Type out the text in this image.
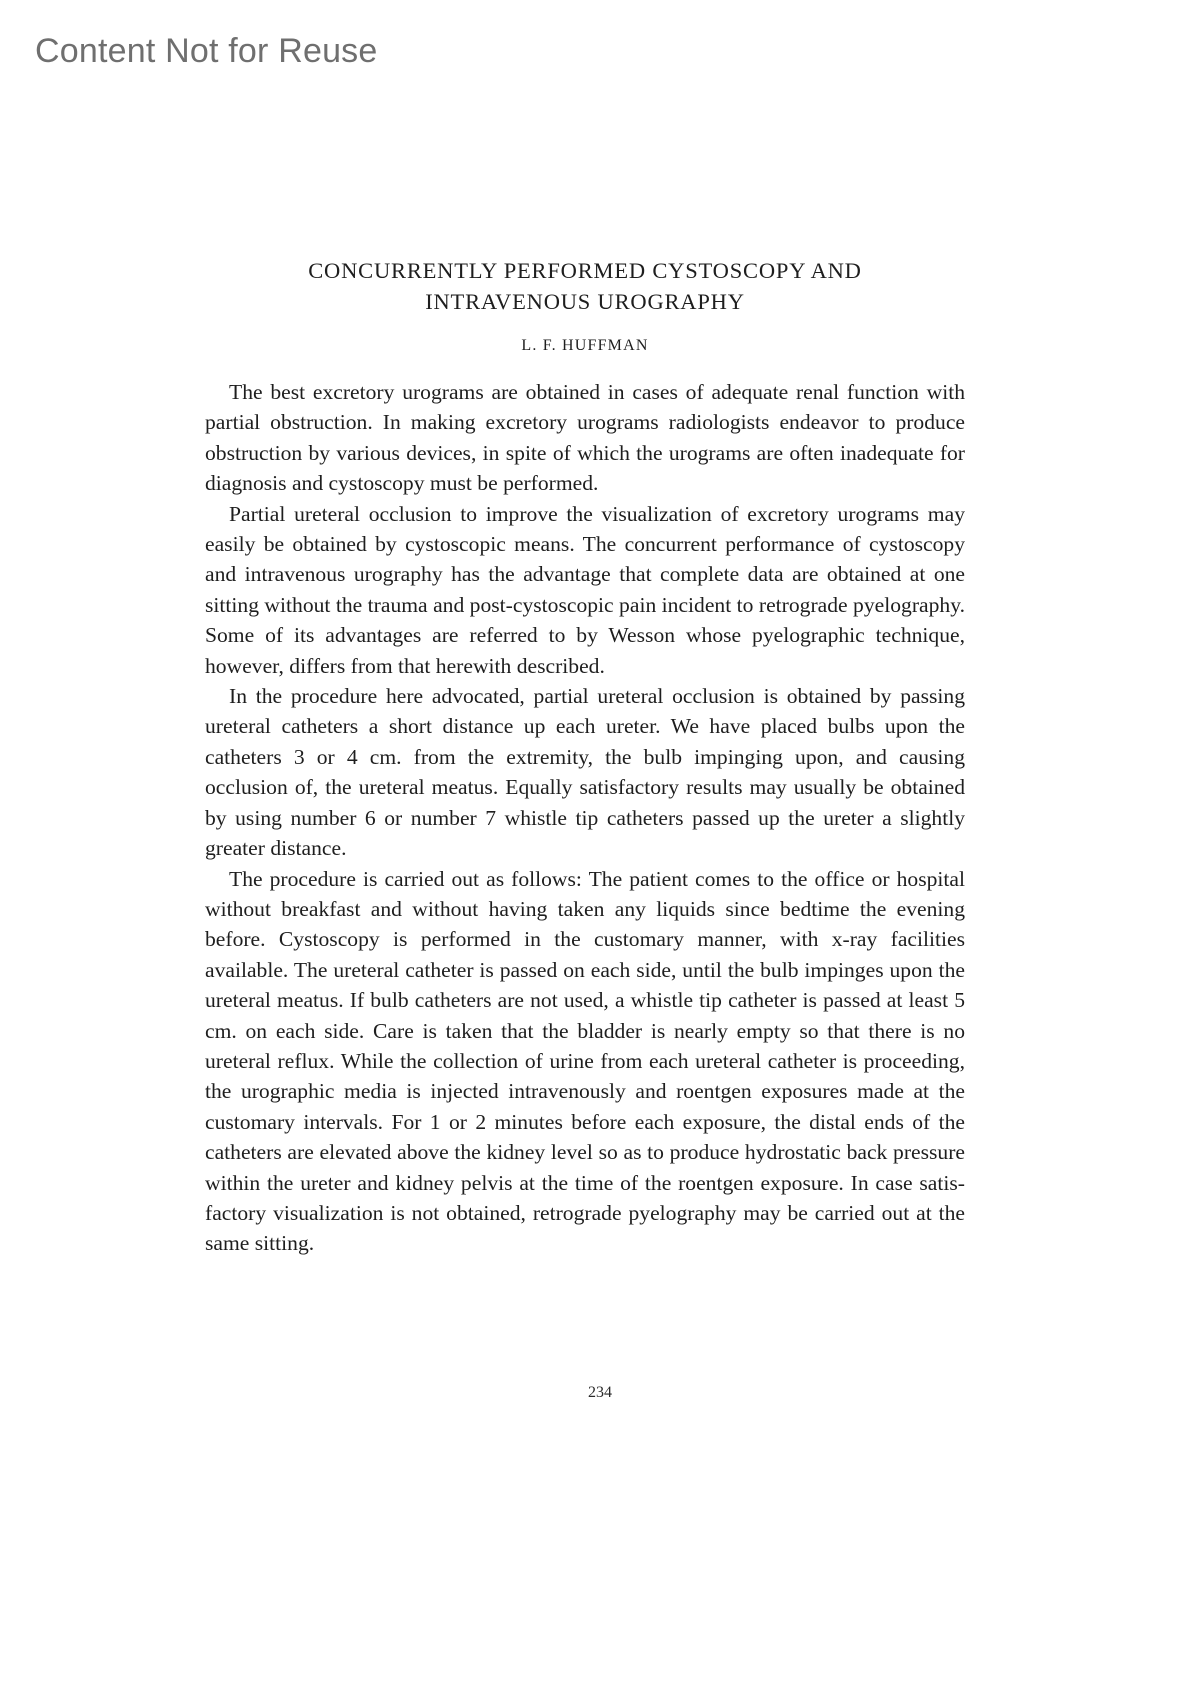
Content Not for Reuse
CONCURRENTLY PERFORMED CYSTOSCOPY AND
INTRAVENOUS UROGRAPHY

L. F. HUFFMAN

The best excretory urograms are obtained in cases of adequate renal function with partial obstruction. In making excretory urograms radiologists endeavor to produce obstruction by various devices, in spite of which the urograms are often inadequate for diagnosis and cystoscopy must be performed.

Partial ureteral occlusion to improve the visualization of excretory urograms may easily be obtained by cystoscopic means. The concurrent performance of cystoscopy and intravenous urography has the advantage that complete data are obtained at one sitting without the trauma and post-cystoscopic pain incident to retrograde pyelography. Some of its advantages are referred to by Wesson whose pyelographic technique, however, differs from that herewith described.

In the procedure here advocated, partial ureteral occlusion is obtained by passing ureteral catheters a short distance up each ureter. We have placed bulbs upon the catheters 3 or 4 cm. from the extremity, the bulb impinging upon, and causing occlusion of, the ureteral meatus. Equally satisfactory results may usually be obtained by using number 6 or number 7 whistle tip catheters passed up the ureter a slightly greater distance.

The procedure is carried out as follows: The patient comes to the office or hospital without breakfast and without having taken any liquids since bedtime the evening before. Cystoscopy is performed in the customary manner, with x-ray facilities available. The ureteral catheter is passed on each side, until the bulb impinges upon the ureteral meatus. If bulb catheters are not used, a whistle tip catheter is passed at least 5 cm. on each side. Care is taken that the bladder is nearly empty so that there is no ureteral reflux. While the collection of urine from each ureteral catheter is proceeding, the urographic media is injected intravenously and roentgen exposures made at the customary intervals. For 1 or 2 minutes before each exposure, the distal ends of the catheters are elevated above the kidney level so as to produce hydrostatic back pressure within the ureter and kidney pelvis at the time of the roentgen exposure. In case satisfactory visualization is not obtained, retrograde pyelography may be carried out at the same sitting.

234
